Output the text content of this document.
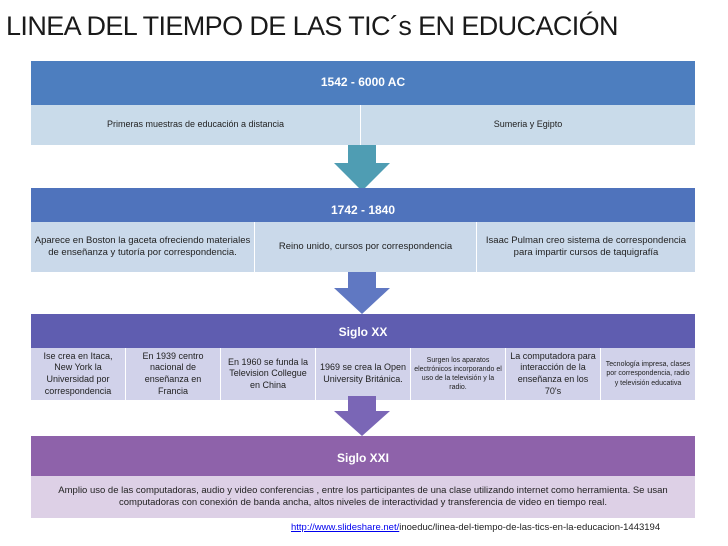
LINEA DEL TIEMPO DE LAS TIC´s EN EDUCACIÓN
1542 - 6000 AC
Primeras muestras de educación a distancia	Sumeria y Egipto
1742 - 1840
Aparece en Boston la gaceta ofreciendo materiales de enseñanza y tutoría por correspondencia.
Reino unido, cursos por correspondencia
Isaac Pulman creo sistema de correspondencia para impartir cursos de taquigrafía
Siglo XX
Ise crea en Itaca, New York la Universidad por correspondencia
En 1939 centro nacional de enseñanza en Francia
En 1960 se funda la Television Collegue en China
1969 se crea la Open University Británica.
Surgen los aparatos electrónicos incorporando el uso de la televisión y la radio.
La computadora para interacción de la enseñanza en los 70's
Tecnología impresa, clases por correspondencia, radio y televisión educativa
Siglo XXI
Amplio uso de las computadoras, audio y video conferencias , entre los participantes de una clase utilizando internet como herramienta. Se usan computadoras con conexión de banda ancha, altos niveles de interactividad y transferencia de video en tiempo real.
http://www.slideshare.net/inoeduc/linea-del-tiempo-de-las-tics-en-la-educacion-1443194
